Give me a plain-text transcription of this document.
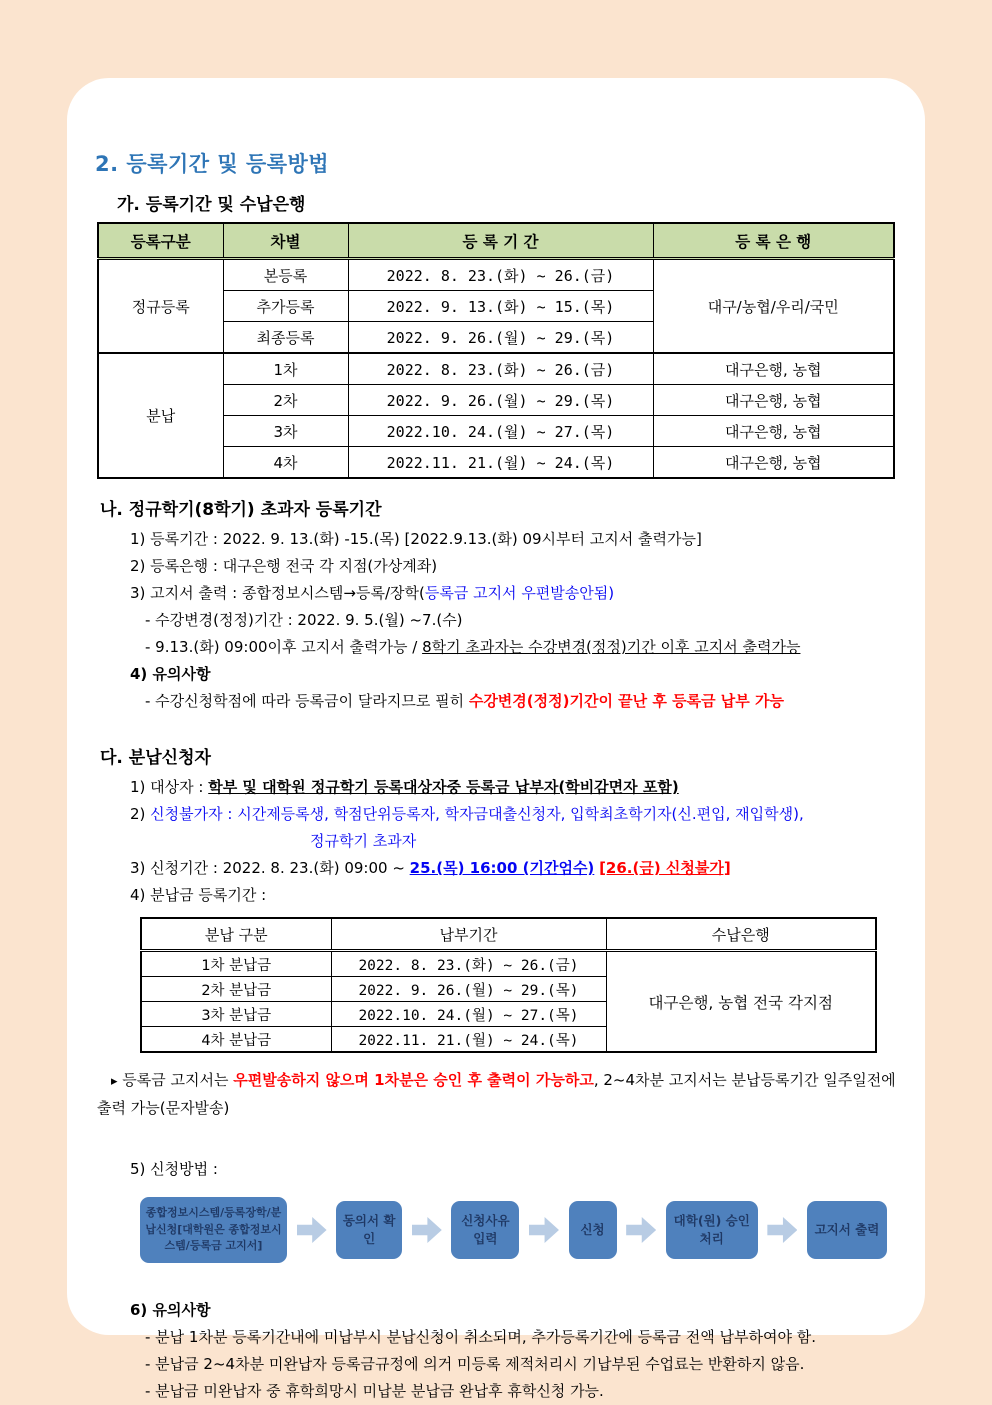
2. 등록기간 및 등록방법
가. 등록기간 및 수납은행
등록구분	차별	등 록 기 간	등 록 은 행
정규등록	본등록	2022. 8. 23.(화) ~ 26.(금)	대구/농협/우리/국민
	추가등록	2022. 9. 13.(화) ~ 15.(목)	
	최종등록	2022. 9. 26.(월) ~ 29.(목)	
분납	1차	2022. 8. 23.(화) ~ 26.(금)	대구은행, 농협
	2차	2022. 9. 26.(월) ~ 29.(목)	대구은행, 농협
	3차	2022.10. 24.(월) ~ 27.(목)	대구은행, 농협
	4차	2022.11. 21.(월) ~ 24.(목)	대구은행, 농협
나. 정규학기(8학기) 초과자 등록기간
1) 등록기간 : 2022. 9. 13.(화) -15.(목) [2022.9.13.(화) 09시부터 고지서 출력가능]
2) 등록은행 : 대구은행 전국 각 지점(가상계좌)
3) 고지서 출력 : 종합정보시스템→등록/장학(등록금 고지서 우편발송안됨)
- 수강변경(정정)기간 : 2022. 9. 5.(월) ~7.(수)
- 9.13.(화) 09:00이후 고지서 출력가능 / 8학기 초과자는 수강변경(정정)기간 이후 고지서 출력가능
4) 유의사항
- 수강신청학점에 따라 등록금이 달라지므로 필히 수강변경(정정)기간이 끝난 후 등록금 납부 가능
다. 분납신청자
1) 대상자 : 학부 및 대학원 정규학기 등록대상자중 등록금 납부자(학비감면자 포함)
2) 신청불가자 : 시간제등록생, 학점단위등록자, 학자금대출신청자, 입학최초학기자(신.편입, 재입학생),
정규학기 초과자
3) 신청기간 : 2022. 8. 23.(화) 09:00 ~ 25.(목) 16:00 (기간엄수) [26.(금) 신청불가]
4) 분납금 등록기간 :
분납 구분	납부기간	수납은행
1차 분납금	2022. 8. 23.(화) ~ 26.(금)	대구은행, 농협 전국 각지점
2차 분납금	2022. 9. 26.(월) ~ 29.(목)	
3차 분납금	2022.10. 24.(월) ~ 27.(목)	
4차 분납금	2022.11. 21.(월) ~ 24.(목)	
▸ 등록금 고지서는 우편발송하지 않으며 1차분은 승인 후 출력이 가능하고, 2~4차분 고지서는 분납등록기간 일주일전에 출력 가능(문자발송)
5) 신청방법 :
종합정보시스템/등록장학/분납신청[대학원은 종합정보시스템/등록금 고지서]
동의서 확인
신청사유 입력
신청
대학(원) 승인처리
고지서 출력
6) 유의사항
- 분납 1차분 등록기간내에 미납부시 분납신청이 취소되며, 추가등록기간에 등록금 전액 납부하여야 함.
- 분납금 2~4차분 미완납자 등록금규정에 의거 미등록 제적처리시 기납부된 수업료는 반환하지 않음.
- 분납금 미완납자 중 휴학희망시 미납분 분납금 완납후 휴학신청 가능.
